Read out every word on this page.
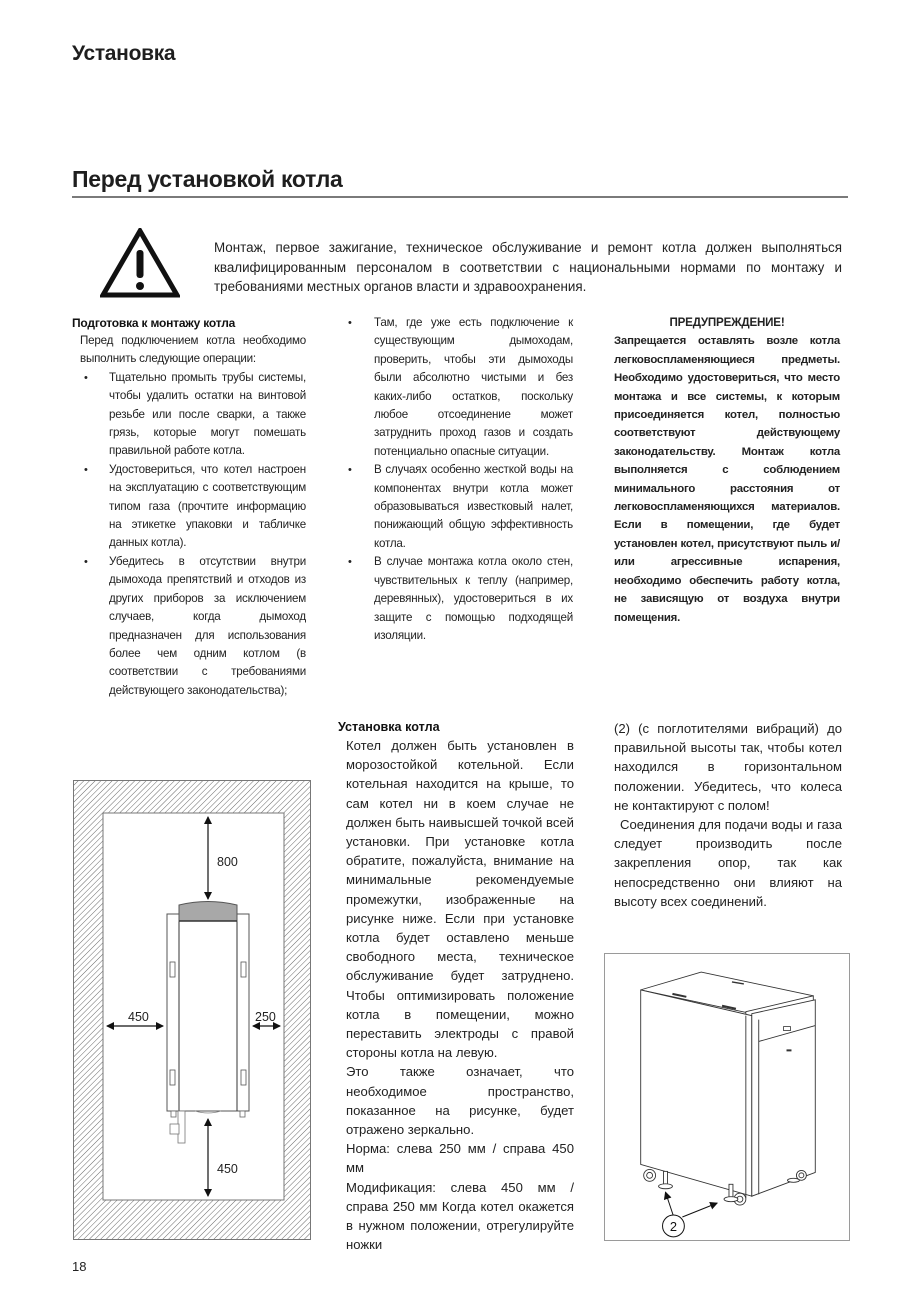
Установка
Перед установкой котла

Монтаж, первое зажигание, техническое обслуживание и ремонт котла должен выполняться квалифицированным персоналом в соответствии с национальными нормами по монтажу и требованиями местных органов власти и здравоохранения.

Подготовка к монтажу котла

Перед подключением котла необходимо выполнить следующие операции:

• Тщательно промыть трубы системы, чтобы удалить остатки на винтовой резьбе или после сварки, а также грязь, которые могут помешать правильной работе котла.
• Удостовериться, что котел настроен на эксплуатацию с соответствующим типом газа (прочтите информацию на этикетке упаковки и табличке данных котла).
• Убедитесь в отсутствии внутри дымохода препятствий и отходов из других приборов за исключением случаев, когда дымоход предназначен для использования более чем одним котлом (в соответствии с требованиями действующего законодательства);
• Там, где уже есть подключение к существующим дымоходам, проверить, чтобы эти дымоходы были абсолютно чистыми и без каких-либо остатков, поскольку любое отсоединение может затруднить проход газов и создать потенциально опасные ситуации.
• В случаях особенно жесткой воды на компонентах внутри котла может образовываться известковый налет, понижающий общую эффективность котла.
• В случае монтажа котла около стен, чувствительных к теплу (например, деревянных), удостовериться в их защите с помощью подходящей изоляции.
ПРЕДУПРЕЖДЕНИЕ!

Запрещается оставлять возле котла легковоспламеняющиеся предметы. Необходимо удостовериться, что место монтажа и все системы, к которым присоединяется котел, полностью соответствуют действующему законодательству. Монтаж котла выполняется с соблюдением минимального расстояния от легковоспламеняющихся материалов. Если в помещении, где будет установлен котел, присутствуют пыль и/или агрессивные испарения, необходимо обеспечить работу котла, не зависящую от воздуха внутри помещения.

Установка котла

Котел должен быть установлен в морозостойкой котельной. Если котельная находится на крыше, то сам котел ни в коем случае не должен быть наивысшей точкой всей установки. При установке котла обратите, пожалуйста, внимание на минимальные рекомендуемые промежутки, изображенные на рисунке ниже. Если при установке котла будет оставлено меньше свободного места, техническое обслуживание будет затруднено. Чтобы оптимизировать положение котла в помещении, можно переставить электроды с правой стороны котла на левую.

Это также означает, что необходимое пространство, показанное на рисунке, будет отражено зеркально.

Норма: слева 250 мм / справа 450 мм

Модификация: слева 450 мм / справа 250 мм Когда котел окажется в нужном положении, отрегулируйте ножки

(2) (с поглотителями вибраций) до правильной высоты так, чтобы котел находился в горизонтальном положении. Убедитесь, что колеса не контактируют с полом!

Соединения для подачи воды и газа следует производить после закрепления опор, так как непосредственно они влияют на высоту всех соединений.

800
450	250
450
2
18
